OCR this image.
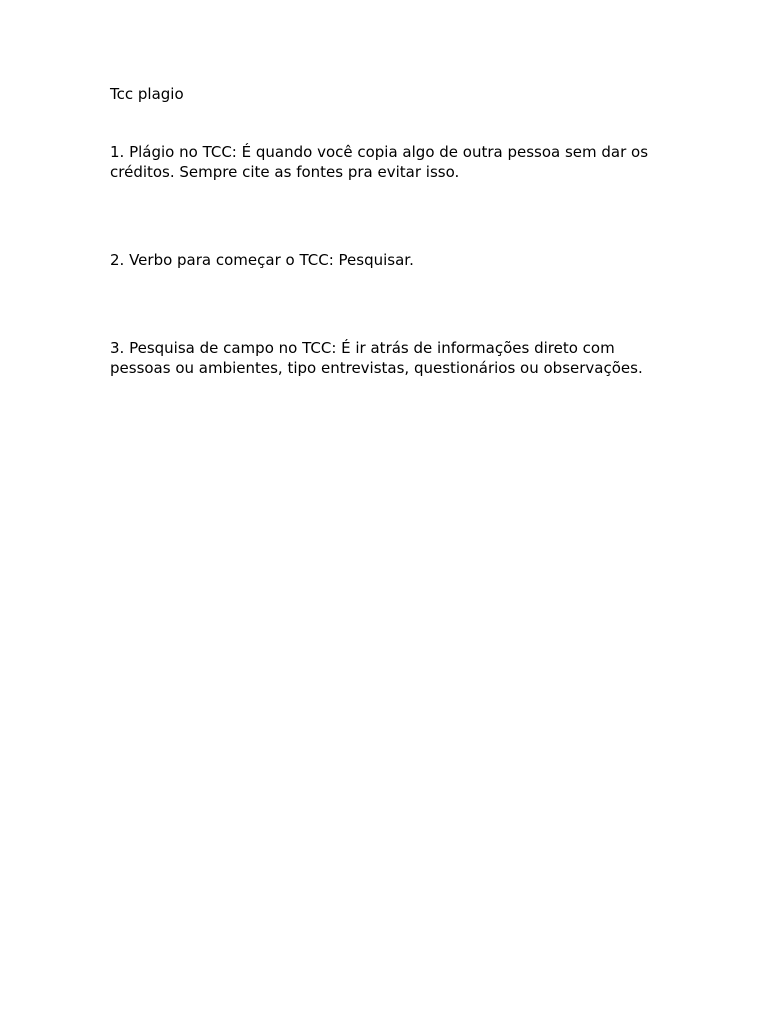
Tcc plagio

1. Plágio no TCC: É quando você copia algo de outra pessoa sem dar os créditos. Sempre cite as fontes pra evitar isso.

2. Verbo para começar o TCC: Pesquisar.

3. Pesquisa de campo no TCC: É ir atrás de informações direto com pessoas ou ambientes, tipo entrevistas, questionários ou observações.
